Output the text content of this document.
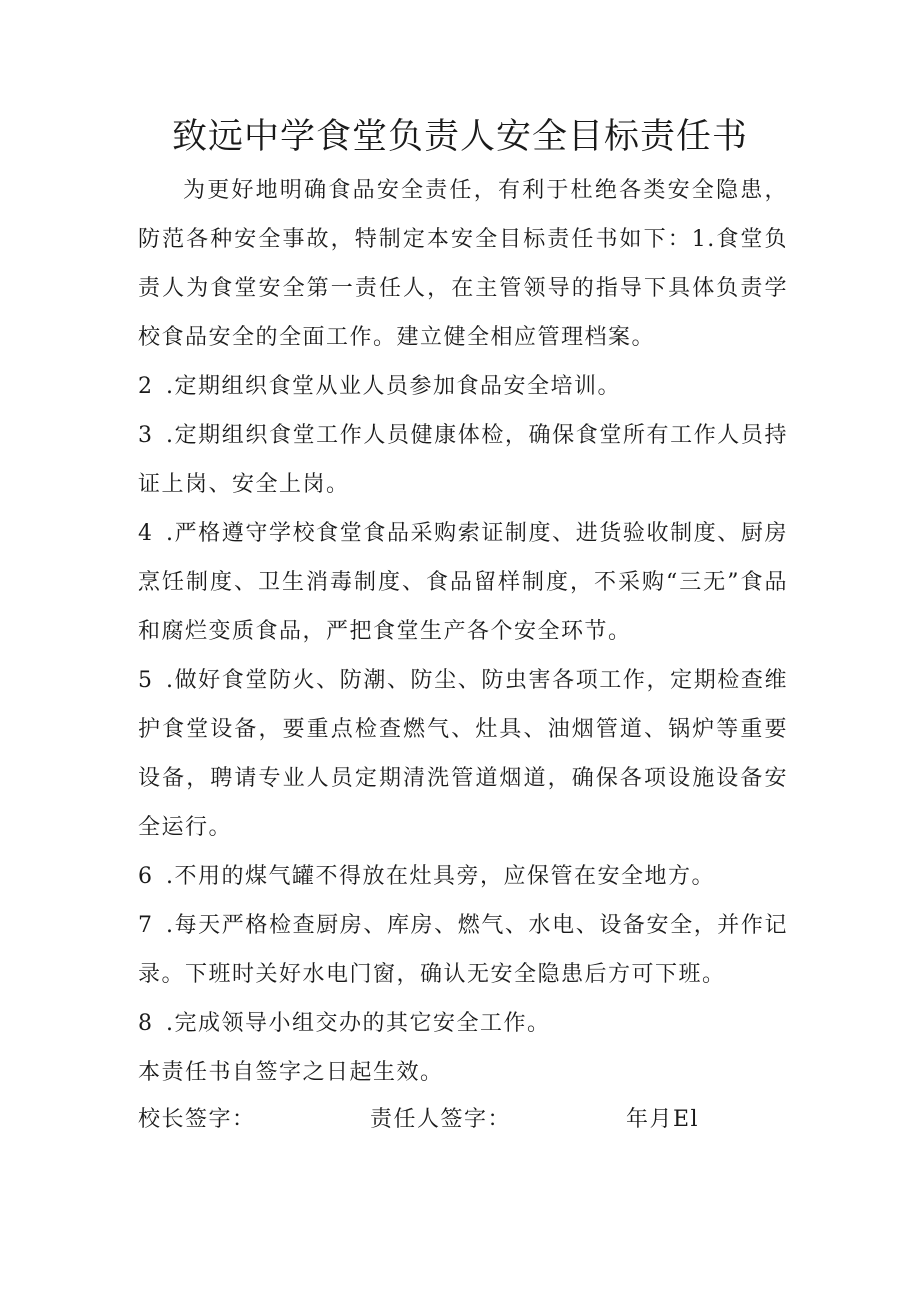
致远中学食堂负责人安全目标责任书

为更好地明确食品安全责任，有利于杜绝各类安全隐患，防范各种安全事故，特制定本安全目标责任书如下：1.食堂负责人为食堂安全第一责任人，在主管领导的指导下具体负责学校食品安全的全面工作。建立健全相应管理档案。

2 .定期组织食堂从业人员参加食品安全培训。

3 .定期组织食堂工作人员健康体检，确保食堂所有工作人员持证上岗、安全上岗。

4 .严格遵守学校食堂食品采购索证制度、进货验收制度、厨房烹饪制度、卫生消毒制度、食品留样制度，不采购“三无”食品和腐烂变质食品，严把食堂生产各个安全环节。

5 .做好食堂防火、防潮、防尘、防虫害各项工作，定期检查维护食堂设备，要重点检查燃气、灶具、油烟管道、锅炉等重要设备，聘请专业人员定期清洗管道烟道，确保各项设施设备安全运行。

6 .不用的煤气罐不得放在灶具旁，应保管在安全地方。

7 .每天严格检查厨房、库房、燃气、水电、设备安全，并作记录。下班时关好水电门窗，确认无安全隐患后方可下班。

8 .完成领导小组交办的其它安全工作。

本责任书自签字之日起生效。

校长签字：	责任人签字：	年月El
